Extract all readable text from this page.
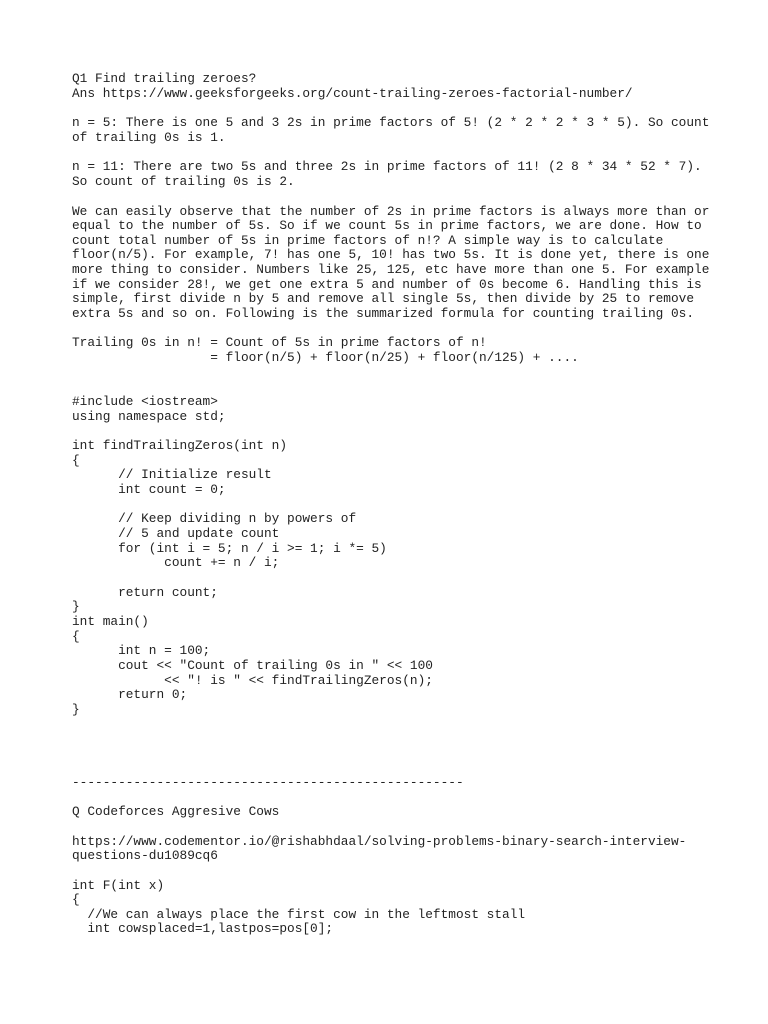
Q1 Find trailing zeroes?

Ans https://www.geeksforgeeks.org/count-trailing-zeroes-factorial-number/

n = 5: There is one 5 and 3 2s in prime factors of 5! (2 * 2 * 2 * 3 * 5). So count

of trailing 0s is 1.

n = 11: There are two 5s and three 2s in prime factors of 11! (2 8 * 34 * 52 * 7).

So count of trailing 0s is 2.

We can easily observe that the number of 2s in prime factors is always more than or

equal to the number of 5s. So if we count 5s in prime factors, we are done. How to

count total number of 5s in prime factors of n!? A simple way is to calculate

floor(n/5). For example, 7! has one 5, 10! has two 5s. It is done yet, there is one

more thing to consider. Numbers like 25, 125, etc have more than one 5. For example

if we consider 28!, we get one extra 5 and number of 0s become 6. Handling this is

simple, first divide n by 5 and remove all single 5s, then divide by 25 to remove

extra 5s and so on. Following is the summarized formula for counting trailing 0s.

Trailing 0s in n! = Count of 5s in prime factors of n!

= floor(n/5) + floor(n/25) + floor(n/125) + ....

#include <iostream>

using namespace std;

int findTrailingZeros(int n)

{

// Initialize result

int count = 0;

// Keep dividing n by powers of

// 5 and update count

for (int i = 5; n / i >= 1; i *= 5)

count += n / i;

return count;

}

int main()

{

int n = 100;

cout << "Count of trailing 0s in " << 100

<< "! is " << findTrailingZeros(n);

return 0;

}

---------------------------------------------------

Q Codeforces Aggresive Cows

https://www.codementor.io/@rishabhdaal/solving-problems-binary-search-interview-

questions-du1089cq6

int F(int x)

{

//We can always place the first cow in the leftmost stall

int cowsplaced=1,lastpos=pos[0];
